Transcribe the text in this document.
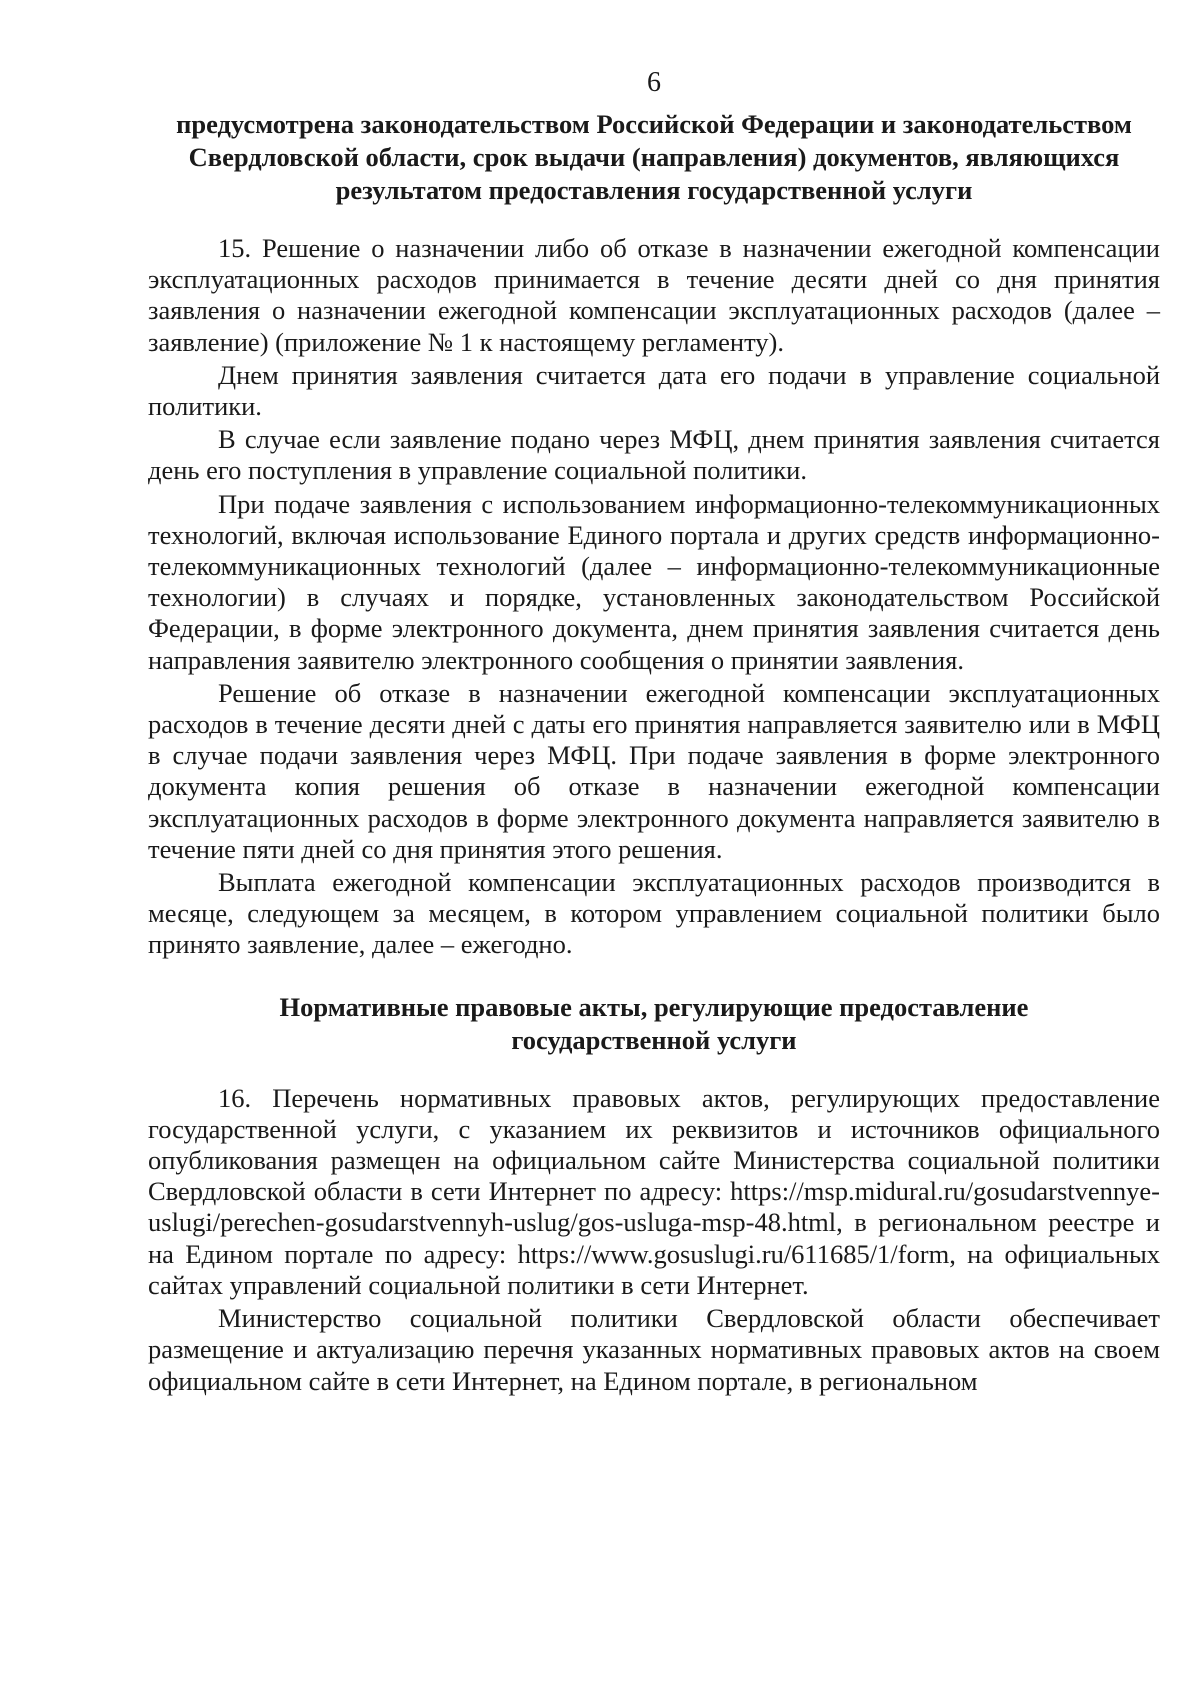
6
предусмотрена законодательством Российской Федерации и законодательством Свердловской области, срок выдачи (направления) документов, являющихся результатом предоставления государственной услуги

15. Решение о назначении либо об отказе в назначении ежегодной компенсации эксплуатационных расходов принимается в течение десяти дней со дня принятия заявления о назначении ежегодной компенсации эксплуатационных расходов (далее – заявление) (приложение № 1 к настоящему регламенту).

Днем принятия заявления считается дата его подачи в управление социальной политики.

В случае если заявление подано через МФЦ, днем принятия заявления считается день его поступления в управление социальной политики.

При подаче заявления с использованием информационно-телекоммуникационных технологий, включая использование Единого портала и других средств информационно-телекоммуникационных технологий (далее – информационно-телекоммуникационные технологии) в случаях и порядке, установленных законодательством Российской Федерации, в форме электронного документа, днем принятия заявления считается день направления заявителю электронного сообщения о принятии заявления.

Решение об отказе в назначении ежегодной компенсации эксплуатационных расходов в течение десяти дней с даты его принятия направляется заявителю или в МФЦ в случае подачи заявления через МФЦ. При подаче заявления в форме электронного документа копия решения об отказе в назначении ежегодной компенсации эксплуатационных расходов в форме электронного документа направляется заявителю в течение пяти дней со дня принятия этого решения.

Выплата ежегодной компенсации эксплуатационных расходов производится в месяце, следующем за месяцем, в котором управлением социальной политики было принято заявление, далее – ежегодно.

Нормативные правовые акты, регулирующие предоставление государственной услуги

16. Перечень нормативных правовых актов, регулирующих предоставление государственной услуги, с указанием их реквизитов и источников официального опубликования размещен на официальном сайте Министерства социальной политики Свердловской области в сети Интернет по адресу: https://msp.midural.ru/gosudarstvennye-uslugi/perechen-gosudarstvennyh-uslug/gos-usluga-msp-48.html, в региональном реестре и на Едином портале по адресу: https://www.gosuslugi.ru/611685/1/form, на официальных сайтах управлений социальной политики в сети Интернет.

Министерство социальной политики Свердловской области обеспечивает размещение и актуализацию перечня указанных нормативных правовых актов на своем официальном сайте в сети Интернет, на Едином портале, в региональном
